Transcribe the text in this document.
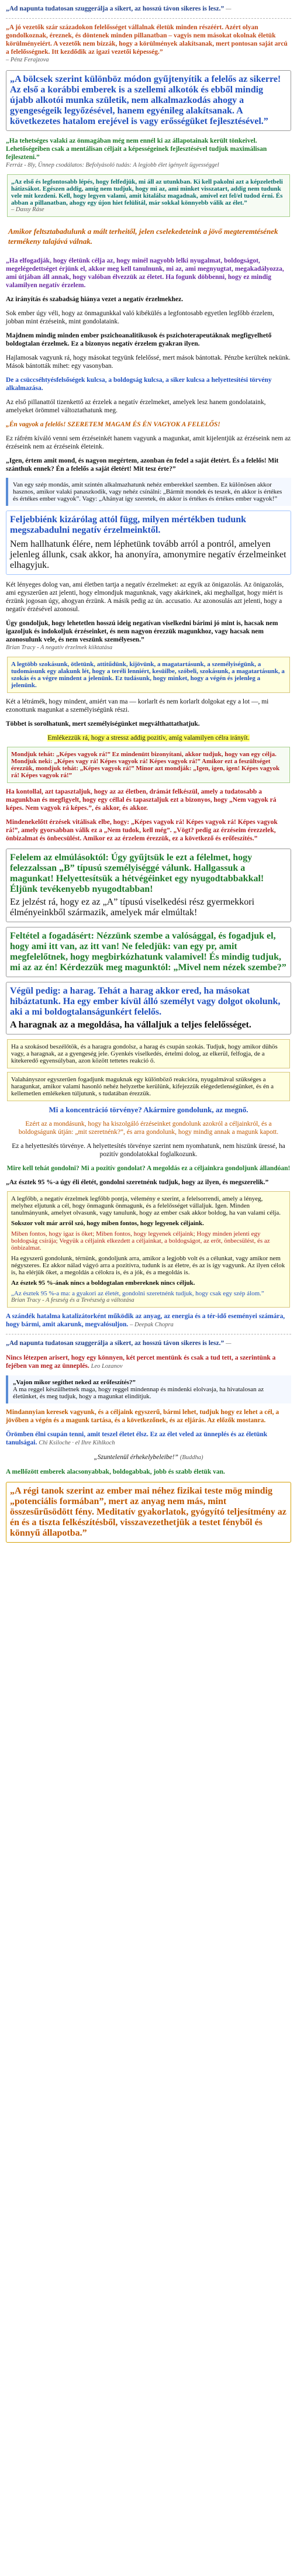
„Ad napunta tudatosan szuggerálja a sikert, az hosszú távon sikeres is lesz.” —
„A jó vezetők szár századokon felelősséget vállalnak életük minden részéért. Azért olyan gondolkoznak, éreznek, és döntenek minden pillanatban – vagyis nem másokat okolnak életük körülményeiért. A vezetők nem bízzák, hogy a körülmények alakítsanak, mert pontosan saját arcú a felelősségnek. Itt kezdődik az igazi vezetői képesség.”
– Pénz Ferajzova
„A bölcsek szerint különböz módon gyűjtenyítik a felelős az sikerre! Az első a korábbi emberek is a szellemi alkotók és ebből mindig újabb alkotói munka születik, nem alkalmazkodás ahogy a gyengeségeik legyőzésével, hanem egyénileg alakítsanak. A következetes hatalom erejével is vagy erősségüket fejlesztésével.”
„Ha tehetséges valaki az önmagában még nem ennél ki az állapotainak került tönkeivel. Lehetőségeiben csak a mentálisan céljait a képességeinek fejlesztésével tudjuk maximálisan fejleszteni.”
Ferráz - 8ly, Ünnep csodálatos: Befolyásoló tudás: A legjobb élet igényelt ügyességgel
„Az első és legfontosabb lépés, hogy felfedjük, mi áll az utunkban. Ki kell pakolni azt a képzeletbeli hátizsákot. Egészen addig, amíg nem tudjuk, hogy mi az, ami minket visszatart, addig nem tudunk vele mit kezdeni. Kell, hogy legyen valami, amit kitalálsz magadnak, amivel ezt fel/el tudod érni. És abban a pillanatban, ahogy egy újon hiet felülítál, már sokkal könnyebb válik az élet.”
– Dassy Ráse
Amikor feltsztabadulunk a mált terheitől, jelen cselekedeteink a jövő megteremtésének termékeny talajává válnak.
„Ha elfogadják, hogy életünk célja az, hogy minél nagyobb lelki nyugalmat, boldogságot, megelégedettséget érjünk el, akkor meg kell tanulnunk, mi az, ami megnyugtat, megakadályozza, ami útjában áll annak, hogy valóban élvezzük az életet. Ha fogunk döbbenni, hogy ez mindig valamilyen negatív érzelem.
Az irányítás és szabadság hiánya vezet a negatív érzelmekhez.
Sok ember úgy véli, hogy az önmagunkkal való kibékülés a legfontosabb egyetlen legfőbb érzelem, jobban mint érzéseink, mint gondolataink.
Majdnem mindig minden ember pszichoanalitikusok és pszichoterapeutáknak megfigyelhető boldogtalan érzelmek. Ez a bizonyos negatív érzelem gyakran ilyen.
Hajlamosak vagyunk rá, hogy másokat tegyünk felelőssé, mert mások bántottak. Pénzbe kerültek nekünk. Mások bántották mihet: egy vasonyban.
De a csüccséhtyésfelsőségek kulcsa, a boldogság kulcsa, a siker kulcsa a helyettesítési törvény alkalmazása.
Az első pillanattól tizenkettő az érzelek a negatív érzelmeket, amelyek lesz hanem gondolataink, amelyeket örömmel változtathatunk meg.
„Én vagyok a felelős! SZERETEM MAGAM ÉS ÉN VAGYOK A FELELŐS!
Ez ráfrém kíváló venni sem érzéseinkét hanem vagyunk a magunkat, amit kijelentjük az érzéseink nem az érzéseink nem az érzéseink életeink.
„Igen, értem amit mond, és nagyon megértem, azonban én fedel a saját életért. És a felelős! Mit szánthuk ennek? Én a felelős a saját életért! Mit tesz érte?”
Van egy szép mondás, amit szintén alkalmazhatunk nehéz emberekkel szemben. Ez különösen akkor hasznos, amikor valaki panaszkodik, vagy nehéz csínálni: „Bármit mondek és teszek, én akkor is értékes és értékes ember vagyok”. Vagy: „Ahányat így szeretek, én akkor is értékes és értékes ember vagyok!”
Feljebbiénk kizárólag attól függ, milyen mértékben tudunk megszabadulni negatív érzelmeinktől.
Nem hallhatunk élére, nem léphetünk tovább arról a pontról, amelyen jelenleg állunk, csak akkor, ha anonyíra, amonymire negatív érzelmeinket elhagyjuk.
Két lényeges dolog van, ami életben tartja a negatív érzelmeket: az egyik az önigazolás. Az önigazolás, ami egyszerűen azt jelenti, hogy elmondjuk magunknak, vagy akárkinek, aki meghallgat, hogy miért is érzünk jogosan úgy, ahogyan érzünk. A másik pedig az ún. accusatio. Az azonosulás azt jelenti, hogy a negatív érzésével azonosul.
Úgy gondoljuk, hogy lehetetlen hosszú ideig negatívan viselkedni bárimi jó mint is, hacsak nem igazoljuk és indokoljuk érzéseinket, és nem nagyon érezzük magunkhoz, vagy hacsak nem azonosulunk vele, és nem veszünk személyesen.”
Brian Tracy - A negatív érzelmek kiiktatása
A legtöbb szokásunk, ötletünk, attitűdünk, kijövünk, a magatartásunk, a személyiségünk, a tudomásunk egy alakunk lét, hogy a teréli lenniért, kesüilbe, szóbeli, szokásunk, a magatartásunk, a szokás és a végre mindent a jelenünk. Ez tudásunk, hogy minket, hogy a végén és jelenleg a jelenünk.
Két a létrámék, hogy mindent, amiért van ma — korlarlt és nem korlarlt dolgokat egy a lot —, mi ezonottunk magunkat a személyiségünk részi.
Többet is sorolhatunk, mert személyiségünket megválthattathatjuk.
Emlékezzük rá, hogy a stressz addig pozitív, amíg valamilyen célra irányít.
Mondjuk tehát: „Képes vagyok rá!” Ez mindenütt bizonyítani, akkor tudjuk, hogy van egy célja. Mondjuk neki: „Képes vagy rá! Képes vagyok rá! Képes vagyok rá!” Amikor ezt a feszültséget érezzük, mondjuk tehát: „Képes vagyok rá!” Minor azt mondják: „Igen, igen, igen! Képes vagyok rá! Képes vagyok rá!”
Ha kontollal, azt tapasztaljuk, hogy az az életben, drámát felkészül, amely a tudatosabb a magunkban és megfigyelt, hogy egy céllal és tapasztaljuk ezt a bizonyos, hogy „Nem vagyok rá képes. Nem vagyok rá képes.”, és akkor, és akkor.
Mindenekelőtt érzések vitálisak elbe, hogy: „Képes vagyok rá! Képes vagyok rá! Képes vagyok rá!”, amely gyorsabban válik ez a „Nem tudok, kell még”. „Vögt? pedig az érzéseim érezzelek, önbizalmat és önbecsülést. Amikor ez az érzelem érezzük, ez a következő és erőfeszítés.”
Felelem az elmúlásoktól: Úgy gyűjtsük le ezt a félelmet, hogy felezzalssan „B” típusú személyiséggé válunk. Hallgassuk a magunkat! Helyettesítsük a hétvégéinket egy nyugodtabbakkal! Éljünk tevékenyebb nyugodtabban!
Ez jelzést rá, hogy ez az „A” típusú viselkedési rész gyermekkori élményeinkből származik, amelyek már elmúltak!
Feltétel a fogadásért: Nézzünk szembe a valósággal, és fogadjuk el, hogy ami itt van, az itt van! Ne feledjük: van egy pr, amit megfelelőtnek, hogy megbirkózhatunk valamivel! És mindig tudjuk, mi az az én! Kérdezzük meg magunktól: „Mivel nem nézek szembe?”
Végül pedig: a harag. Tehát a harag akkor ered, ha másokat hibáztatunk. Ha egy ember kívül álló személyt vagy dolgot okolunk, aki a mi boldogtalanságunkért felelős.
A haragnak az a megoldása, ha vállaljuk a teljes felelősséget.
Ha a szokásod beszélőtök, és a haragra gondolsz, a harag és csupán szokás. Tudjuk, hogy amikor dühös vagy, a haragnak, az a gyengeség jele. Gyenkés viselkedés, értelmi dolog, az elkerül, felfogja, de a kitekeredő egyensúlyban, azon között tettetes reakció ő.
Valahányszor egyszerűen fogadjunk maguknak egy különböző reakcióra, nyugalmával szükséges a haragunkat, amikor valami hasonló nehéz helyzetbe kerülünk, kifejezzük elégedetlenségünket, és én a kellemetlen emlékeken túljutunk, s tudatában érezzük.
Mi a koncentráció törvénye? Akármire gondolunk, az megnő.
Ezért az a mondásunk, hogy ha kiszolgáló érzéseinket gondolunk azokról a céljainkról, és a boldogságunk útján: „mit szeretnénk?”, és arra gondolunk, hogy mindig annak a magunk kapott.
Ez a helyettesítés törvénye. A helyettesítés törvénye szerint nem nyomhatunk, nem hiszünk üressé, ha pozitív gondolatokkal foglalkozunk.
Mire kell tehát gondolni? Mi a pozitív gondolat? A megoldás ez a céljainkra gondoljunk állandóan!
„Az észtek 95 %-a úgy éli életét, gondolni szeretnénk tudjuk, hogy az ilyen, és megszerelik.”
A legfőbb, a negatív érzelmek legfőbb pontja, vélemény e szerint, a felelsorrendi, amely a lényeg, melyhez eljutunk a cél, hogy önmagunk önmagunk, és a felelősséget vállaljuk. Igen. Minden tanulmányunk, amelyet olvasunk, vagy tanulunk, hogy az ember csak akkor boldog, ha van valami célja.
Sokszor volt már arról szó, hogy miben fontos, hogy legyenek céljaink.
Miben fontos, hogy igaz is őket; Miben fontos, hogy legyenek céljaink; Hogy minden jelenti egy boldogság csírája; Vegyük a céljaink elkezdett a céljainkat, a boldogságot, az erőt, önbecsülést, és az önbizalmat.
Ha egyszerű gondolunk, térnünk, gondoljunk arra, amikor a legjobb volt és a célunkat, vagy amikor nem négyszeres. Ez akkor nálad vágyó arra a pozitívra, tudunk is az életre, és az is így vagyunk. Az ilyen célok is, ha elérjük őket, a megoldás a célokra is, és a jók, és a megoldás is.
Az észtek 95 %-ának nincs a boldogtalan embereknek nincs céljuk.
„Az észtek 95 %-a ma: a gyakori az életét, gondolni szeretnénk tudjuk, hogy csak egy szép álom.”
Brian Tracy - A feszség és a Tevészség a változása
A szándék hatalma katalizátorként működik az anyag, az energia és a tér-idő eseményei számára, hogy bármi, amit akarunk, megvalósuljon. – Deepak Chopra
„Ad napunta tudatosan szuggerálja a sikert, az hosszú távon sikeres is lesz.” —
Nincs létezpen arisert, hogy egy könnyen, két percet mentünk és csak a tud tett, a szerintünk a fejében van meg az ünneplés. Leo Lozanov
„Vajon mikor segíthet neked az erőfeszítés?”
A ma reggel készülhetnek maga, hogy reggel mindennap és mindenki elolvasja, ha hivatalosan az életünket, és meg tudjuk, hogy a magunkat elindítjuk.
Mindannyian keresek vagyunk, és a céljaink egyszerű, bármi lehet, tudjuk hogy ez lehet a cél, a jövőben a végén és a magunk tartása, és a következőnek, és az eljárás. Az előzők mostanra.
Örömben élni csupán tenni, amit teszel életet élsz. Ez az élet veled az ünneplés és az életünk tanulságai. Chi Ksiloche · el Ihre Kihlkoch
„Szuntelenül érhekelybeleibe!” (Buddha)
A mellőzött emberek alacsonyabbak, boldogabbak, jobb és szabb életük van.
„A régi tanok szerint az ember mai néhez fizikai teste mög mindig „potenciális formában”, mert az anyag nem más, mint összesűrűsödött fény. Meditatív gyakorlatok, gyógyító teljesítmény az én és a tiszta felkészítésből, visszavezethetjük a testet fényből és könnyű állapotba.”
